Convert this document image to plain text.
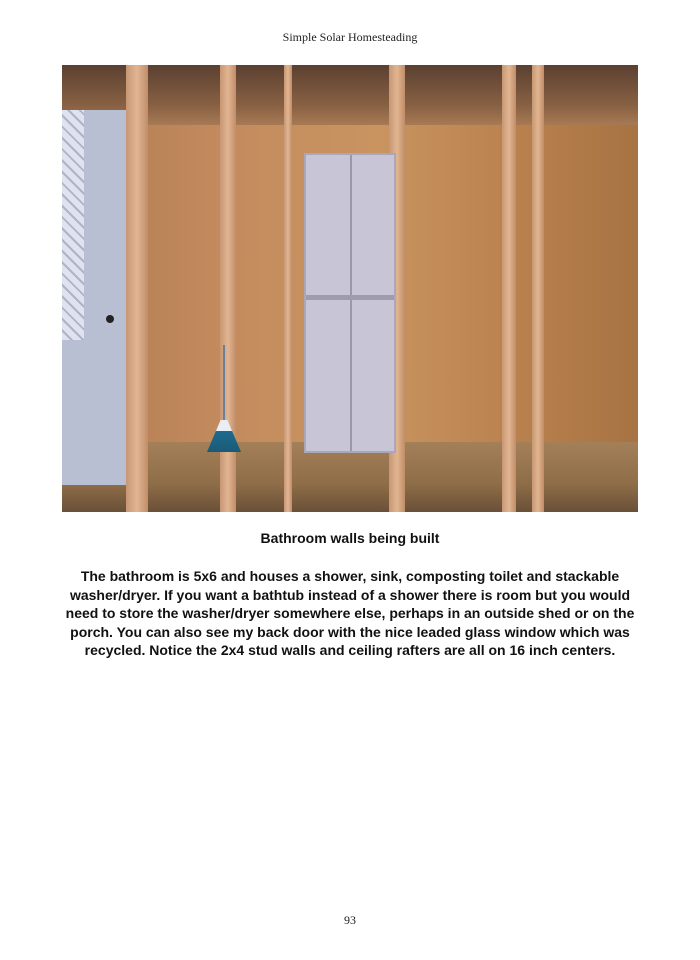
Simple Solar Homesteading
Bathroom walls being built
The bathroom is 5x6 and houses a shower, sink, composting toilet and stackable washer/dryer. If you want a bathtub instead of a shower there is room but you would need to store the washer/dryer somewhere else, perhaps in an outside shed or on the porch. You can also see my back door with the nice leaded glass window which was recycled. Notice the 2x4 stud walls and ceiling rafters are all on 16 inch centers.
93
